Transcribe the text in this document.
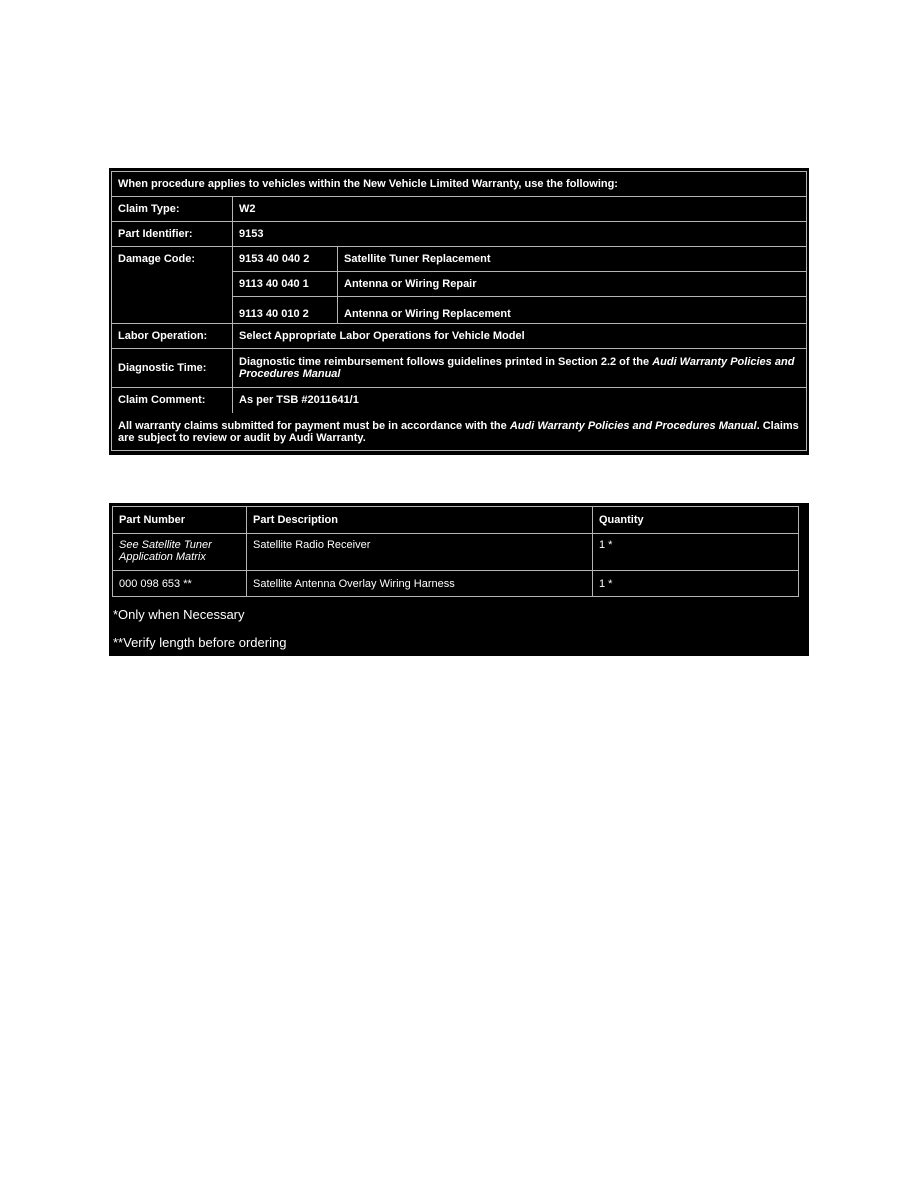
When procedure applies to vehicles within the New Vehicle Limited Warranty, use the following:		
Claim Type:	W2	
Part Identifier:	9153	
Damage Code:	9153 40 040 2	Satellite Tuner Replacement
	9113 40 040 1	Antenna or Wiring Repair

	9113 40 010 2	Antenna or Wiring Replacement

Labor Operation:	Select Appropriate Labor Operations for Vehicle Model	
Diagnostic Time:	Diagnostic time reimbursement follows guidelines printed in Section 2.2 of the Audi Warranty Policies and Procedures Manual	
Claim Comment:	As per TSB #2011641/1	
All warranty claims submitted for payment must be in accordance with the Audi Warranty Policies and Procedures Manual. Claims are subject to review or audit by Audi Warranty.		
Part Number	Part Description	Quantity
See Satellite Tuner Application Matrix	Satellite Radio Receiver	1 *
000 098 653 **	Satellite Antenna Overlay Wiring Harness	1 *
*Only when Necessary
**Verify length before ordering
